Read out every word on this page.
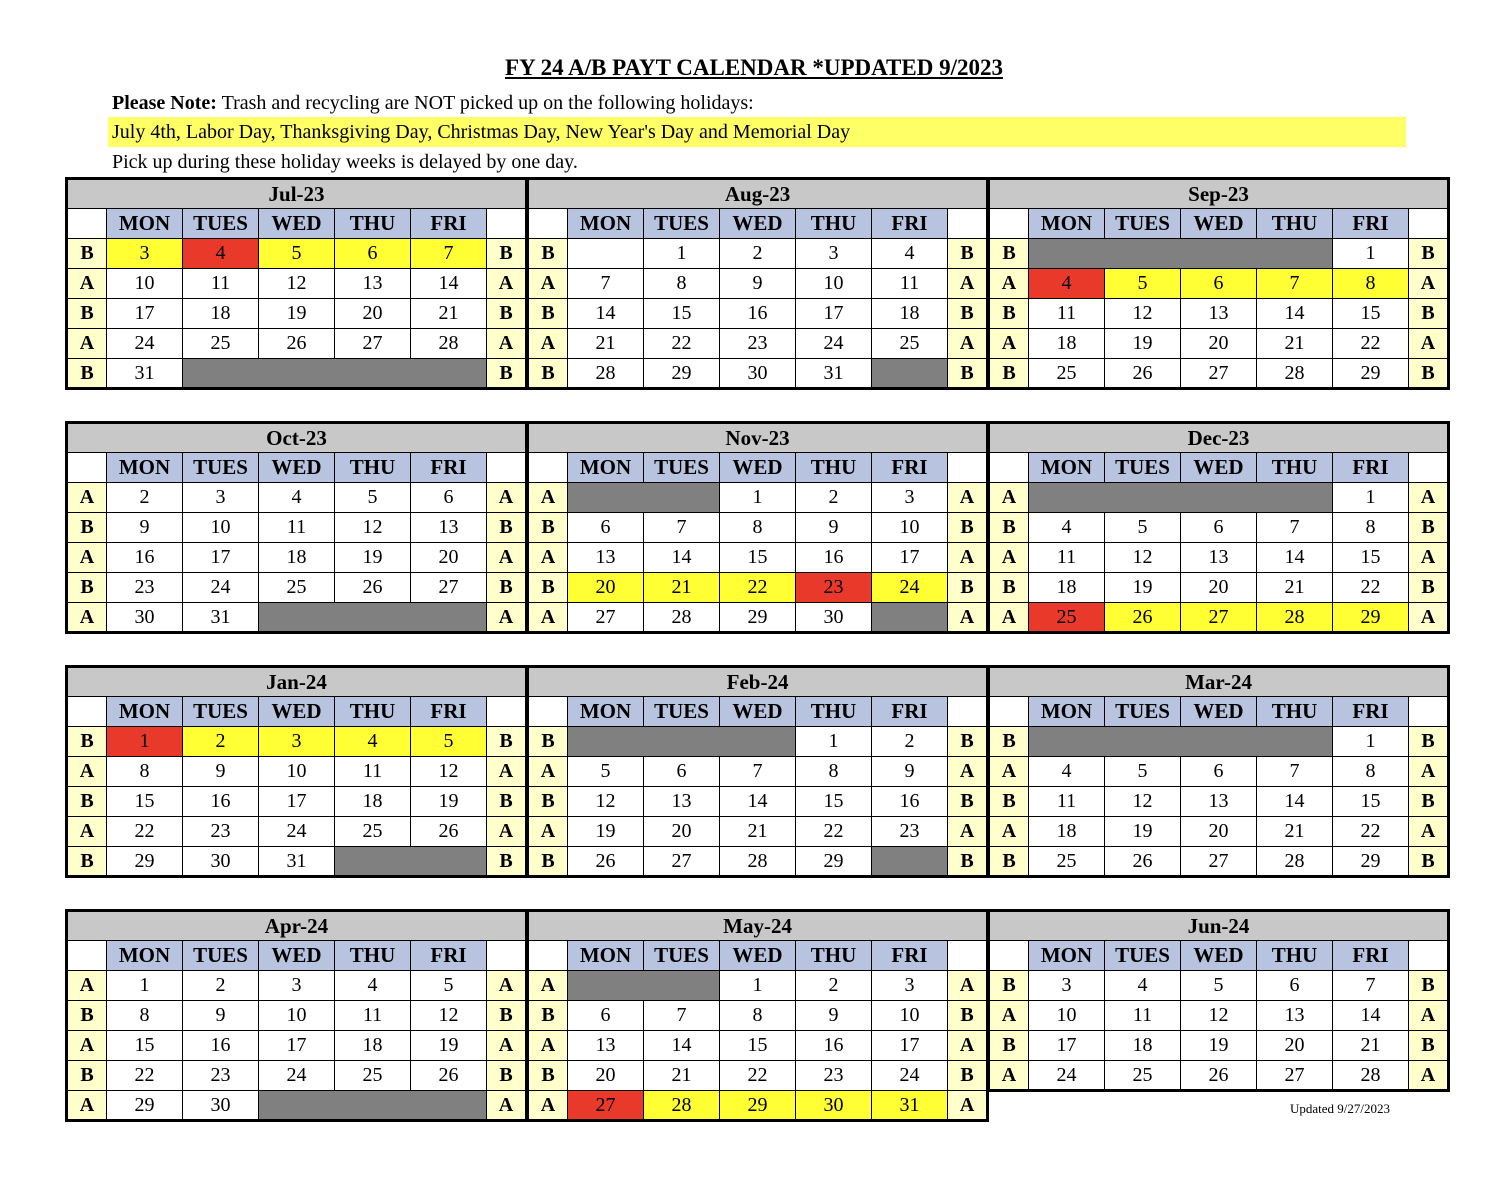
FY 24 A/B PAYT CALENDAR *UPDATED 9/2023
Please Note: Trash and recycling are NOT picked up on the following holidays:
July 4th, Labor Day, Thanksgiving Day, Christmas Day, New Year's Day and Memorial Day
Pick up during these holiday weeks is delayed by one day.
Jul-23						
	MON	TUES	WED	THU	FRI	
B	3	4	5	6	7	B
A	10	11	12	13	14	A
B	17	18	19	20	21	B
A	24	25	26	27	28	A
B	31					B
Aug-23						
	MON	TUES	WED	THU	FRI	
B		1	2	3	4	B
A	7	8	9	10	11	A
B	14	15	16	17	18	B
A	21	22	23	24	25	A
B	28	29	30	31		B
Sep-23						
	MON	TUES	WED	THU	FRI	
B					1	B
A	4	5	6	7	8	A
B	11	12	13	14	15	B
A	18	19	20	21	22	A
B	25	26	27	28	29	B
Oct-23						
	MON	TUES	WED	THU	FRI	
A	2	3	4	5	6	A
B	9	10	11	12	13	B
A	16	17	18	19	20	A
B	23	24	25	26	27	B
A	30	31				A
Nov-23						
	MON	TUES	WED	THU	FRI	
A			1	2	3	A
B	6	7	8	9	10	B
A	13	14	15	16	17	A
B	20	21	22	23	24	B
A	27	28	29	30		A
Dec-23						
	MON	TUES	WED	THU	FRI	
A					1	A
B	4	5	6	7	8	B
A	11	12	13	14	15	A
B	18	19	20	21	22	B
A	25	26	27	28	29	A
Jan-24						
	MON	TUES	WED	THU	FRI	
B	1	2	3	4	5	B
A	8	9	10	11	12	A
B	15	16	17	18	19	B
A	22	23	24	25	26	A
B	29	30	31			B
Feb-24						
	MON	TUES	WED	THU	FRI	
B				1	2	B
A	5	6	7	8	9	A
B	12	13	14	15	16	B
A	19	20	21	22	23	A
B	26	27	28	29		B
Mar-24						
	MON	TUES	WED	THU	FRI	
B					1	B
A	4	5	6	7	8	A
B	11	12	13	14	15	B
A	18	19	20	21	22	A
B	25	26	27	28	29	B
Apr-24						
	MON	TUES	WED	THU	FRI	
A	1	2	3	4	5	A
B	8	9	10	11	12	B
A	15	16	17	18	19	A
B	22	23	24	25	26	B
A	29	30				A
May-24						
	MON	TUES	WED	THU	FRI	
A			1	2	3	A
B	6	7	8	9	10	B
A	13	14	15	16	17	A
B	20	21	22	23	24	B
A	27	28	29	30	31	A
Jun-24						
	MON	TUES	WED	THU	FRI	
B	3	4	5	6	7	B
A	10	11	12	13	14	A
B	17	18	19	20	21	B
A	24	25	26	27	28	A
Updated 9/27/2023
